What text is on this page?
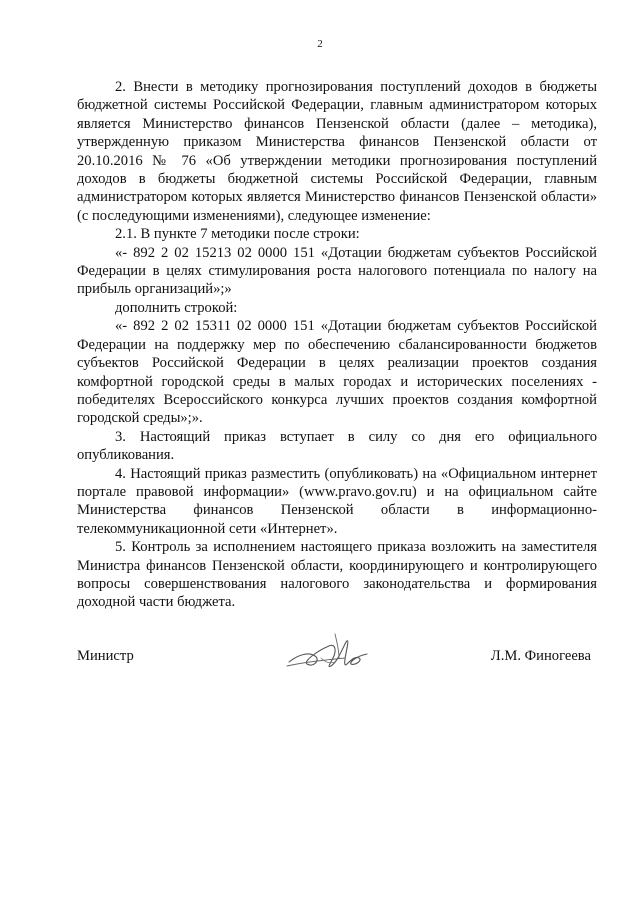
2

2. Внести в методику прогнозирования поступлений доходов в бюджеты бюджетной системы Российской Федерации, главным администратором которых является Министерство финансов Пензенской области (далее – методика), утвержденную приказом Министерства финансов Пензенской области от 20.10.2016 № 76 «Об утверждении методики прогнозирования поступлений доходов в бюджеты бюджетной системы Российской Федерации, главным администратором которых является Министерство финансов Пензенской области» (с последующими изменениями), следующее изменение:

2.1. В пункте 7 методики после строки:

«- 892 2 02 15213 02 0000 151 «Дотации бюджетам субъектов Российской Федерации в целях стимулирования роста налогового потенциала по налогу на прибыль организаций»;»

дополнить строкой:

«- 892 2 02 15311 02 0000 151 «Дотации бюджетам субъектов Российской Федерации на поддержку мер по обеспечению сбалансированности бюджетов субъектов Российской Федерации в целях реализации проектов создания комфортной городской среды в малых городах и исторических поселениях - победителях Всероссийского конкурса лучших проектов создания комфортной городской среды»;».

3. Настоящий приказ вступает в силу со дня его официального опубликования.

4. Настоящий приказ разместить (опубликовать) на «Официальном интернет портале правовой информации» (www.pravo.gov.ru) и на официальном сайте Министерства финансов Пензенской области в информационно-телекоммуникационной сети «Интернет».

5. Контроль за исполнением настоящего приказа возложить на заместителя Министра финансов Пензенской области, координирующего и контролирующего вопросы совершенствования налогового законодательства и формирования доходной части бюджета.

Министр	Л.М. Финогеева
